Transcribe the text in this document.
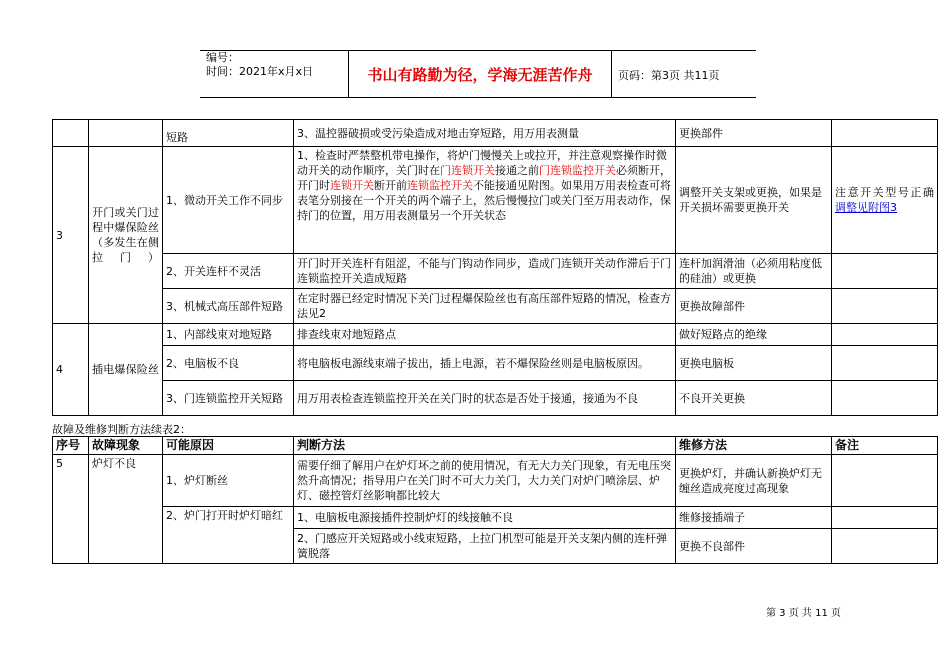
编号：
时间：2021年x月x日	书山有路勤为径，学海无涯苦作舟	页码：第3页 共11页
		短路	3、温控器破损或受污染造成对地击穿短路，用万用表测量	更换部件	
3	开门或关门过程中爆保险丝（多发生在侧拉门）	1、微动开关工作不同步	1、检查时严禁整机带电操作，将炉门慢慢关上或拉开，并注意观察操作时微动开关的动作顺序，关门时在门连锁开关接通之前门连锁监控开关必须断开，开门时连锁开关断开前连锁监控开关不能接通见附图。如果用万用表检查可将表笔分别接在一个开关的两个端子上，然后慢慢拉门或关门至万用表动作，保持门的位置，用万用表测量另一个开关状态	调整开关支架或更换，如果是开关损坏需要更换开关	注意开关型号正确
调整见附图3

		2、开关连杆不灵活	开门时开关连杆有阻涩，不能与门钩动作同步，造成门连锁开关动作滞后于门连锁监控开关造成短路	连杆加润滑油（必须用粘度低的硅油）或更换	
		3、机械式高压部件短路	在定时器已经定时情况下关门过程爆保险丝也有高压部件短路的情况，检查方法见2	更换故障部件	
4	插电爆保险丝	1、内部线束对地短路	排查线束对地短路点	做好短路点的绝缘	
		2、电脑板不良	将电脑板电源线束端子拔出，插上电源，若不爆保险丝则是电脑板原因。	更换电脑板	
		3、门连锁监控开关短路	用万用表检查连锁监控开关在关门时的状态是否处于接通，接通为不良	不良开关更换	
故障及维修判断方法续表2：
序号	故障现象	可能原因	判断方法	维修方法	备注
5	炉灯不良	1、炉灯断丝	需要仔细了解用户在炉灯坏之前的使用情况，有无大力关门现象，有无电压突然升高情况；指导用户在关门时不可大力关门，大力关门对炉门喷涂层、炉灯、磁控管灯丝影响都比较大	更换炉灯，并确认新换炉灯无缠丝造成亮度过高现象	
		2、炉门打开时炉灯暗红	1、电脑板电源接插件控制炉灯的线接触不良	维修接插端子	
			2、门感应开关短路或小线束短路，上拉门机型可能是开关支架内侧的连杆弹簧脱落	更换不良部件	
第 3 页 共 11 页
